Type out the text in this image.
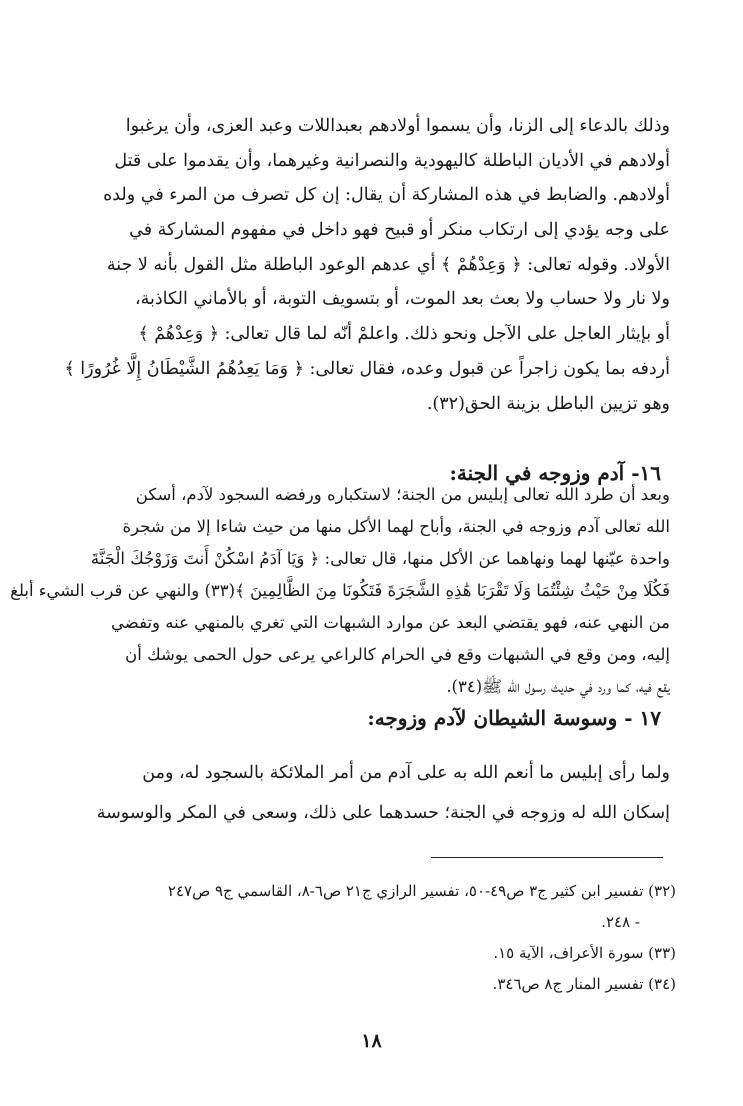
وذلك بالدعاء إلى الزنا، وأن يسموا أولادهم بعبداللات وعبد العزى، وأن يرغبوا
أولادهم في الأديان الباطلة كاليهودية والنصرانية وغيرهما، وأن يقدموا على قتل
أولادهم. والضابط في هذه المشاركة أن يقال: إن كل تصرف من المرء في ولده
على وجه يؤدي إلى ارتكاب منكر أو قبيح فهو داخل في مفهوم المشاركة في
الأولاد. وقوله تعالى: ﴿ وَعِدْهُمْ ﴾ أي عدهم الوعود الباطلة مثل القول بأنه لا جنة
ولا نار ولا حساب ولا بعث بعد الموت، أو بتسويف التوبة، أو بالأماني الكاذبة،
أو بإيثار العاجل على الآجل ونحو ذلك. واعلمْ أنّه لما قال تعالى: ﴿ وَعِدْهُمْ ﴾
أردفه بما يكون زاجراً عن قبول وعده، فقال تعالى: ﴿ وَمَا يَعِدُهُمُ الشَّيْطَانُ إِلَّا غُرُورًا ﴾
وهو تزيين الباطل بزينة الحق(٣٢).
١٦- آدم وزوجه في الجنة:
وبعد أن طرد الله تعالى إبليس من الجنة؛ لاستكباره ورفضه السجود لآدم، أسكن
الله تعالى آدم وزوجه في الجنة، وأباح لهما الأكل منها من حيث شاءا إلا من شجرة
واحدة عيّنها لهما ونهاهما عن الأكل منها، قال تعالى: ﴿ وَيَا آدَمُ اسْكُنْ أَنتَ وَزَوْجُكَ الْجَنَّةَ
فَكُلَا مِنْ حَيْثُ شِئْتُمَا وَلَا تَقْرَبَا هَٰذِهِ الشَّجَرَةَ فَتَكُونَا مِنَ الظَّالِمِينَ ﴾(٣٣) والنهي عن قرب الشيء أبلغ
من النهي عنه، فهو يقتضي البعد عن موارد الشبهات التي تغري بالمنهي عنه وتفضي
إليه، ومن وقع في الشبهات وقع في الحرام كالراعي يرعى حول الحمى يوشك أن
يقع فيه، كما ورد في حديث رسول الله ﷺ(٣٤).
١٧ - وسوسة الشيطان لآدم وزوجه:
ولما رأى إبليس ما أنعم الله به على آدم من أمر الملائكة بالسجود له، ومن
إسكان الله له وزوجه في الجنة؛ حسدهما على ذلك، وسعى في المكر والوسوسة
(٣٢) تفسير ابن كثير ج٣ ص٤٩-٥٠، تفسير الرازي ج٢١ ص٦-٨، القاسمي ج٩ ص٢٤٧
- ٢٤٨.
(٣٣) سورة الأعراف، الآية ١٥.
(٣٤) تفسير المنار ج٨ ص٣٤٦.
١٨
